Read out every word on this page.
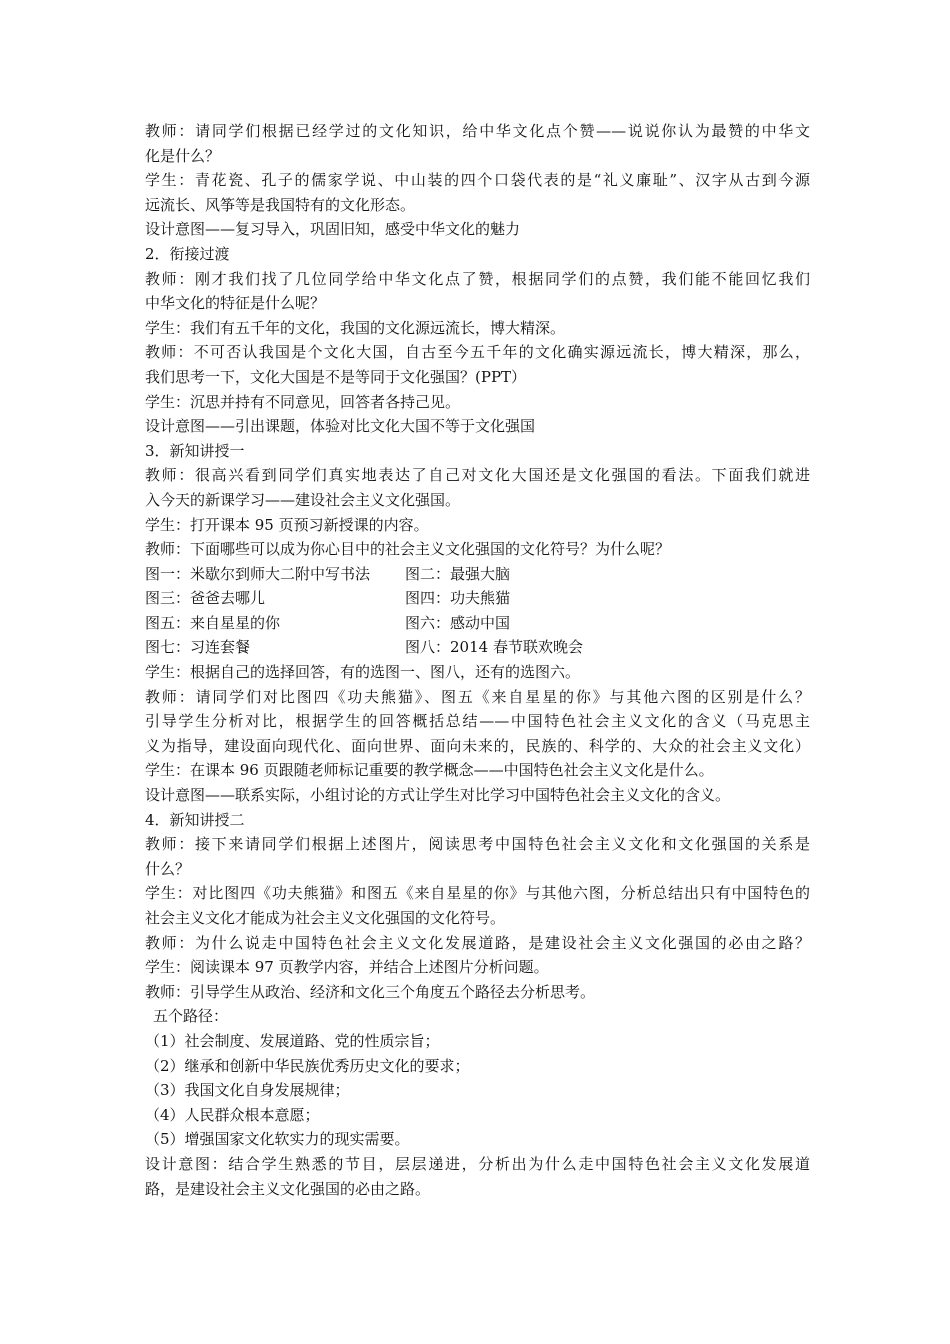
教师：请同学们根据已经学过的文化知识，给中华文化点个赞——说说你认为最赞的中华文
化是什么？
学生：青花瓷、孔子的儒家学说、中山装的四个口袋代表的是“礼义廉耻”、汉字从古到今源
远流长、风筝等是我国特有的文化形态。
设计意图——复习导入，巩固旧知，感受中华文化的魅力
2．衔接过渡
教师：刚才我们找了几位同学给中华文化点了赞，根据同学们的点赞，我们能不能回忆我们
中华文化的特征是什么呢？
学生：我们有五千年的文化，我国的文化源远流长，博大精深。
教师：不可否认我国是个文化大国，自古至今五千年的文化确实源远流长，博大精深，那么，
我们思考一下，文化大国是不是等同于文化强国？(PPT）
学生：沉思并持有不同意见，回答者各持己见。
设计意图——引出课题，体验对比文化大国不等于文化强国
3．新知讲授一
教师：很高兴看到同学们真实地表达了自己对文化大国还是文化强国的看法。下面我们就进
入今天的新课学习——建设社会主义文化强国。
学生：打开课本 95 页预习新授课的内容。
教师：下面哪些可以成为你心目中的社会主义文化强国的文化符号？为什么呢？
图一：米歇尔到师大二附中写书法 图二：最强大脑
图三：爸爸去哪儿	图四：功夫熊猫
图五：来自星星的你	图六：感动中国
图七：习连套餐	图八：2014 春节联欢晚会
学生：根据自己的选择回答，有的选图一、图八，还有的选图六。
教师：请同学们对比图四《功夫熊猫》、图五《来自星星的你》与其他六图的区别是什么？
引导学生分析对比，根据学生的回答概括总结——中国特色社会主义文化的含义（马克思主
义为指导，建设面向现代化、面向世界、面向未来的，民族的、科学的、大众的社会主义文化）
学生：在课本 96 页跟随老师标记重要的教学概念——中国特色社会主义文化是什么。
设计意图——联系实际，小组讨论的方式让学生对比学习中国特色社会主义文化的含义。
4．新知讲授二
教师：接下来请同学们根据上述图片，阅读思考中国特色社会主义文化和文化强国的关系是
什么？
学生：对比图四《功夫熊猫》和图五《来自星星的你》与其他六图，分析总结出只有中国特色的
社会主义文化才能成为社会主义文化强国的文化符号。
教师：为什么说走中国特色社会主义文化发展道路，是建设社会主义文化强国的必由之路？
学生：阅读课本 97 页教学内容，并结合上述图片分析问题。
教师：引导学生从政治、经济和文化三个角度五个路径去分析思考。
五个路径：
（1）社会制度、发展道路、党的性质宗旨；
（2）继承和创新中华民族优秀历史文化的要求；
（3）我国文化自身发展规律；
（4）人民群众根本意愿；
（5）增强国家文化软实力的现实需要。
设计意图：结合学生熟悉的节目，层层递进，分析出为什么走中国特色社会主义文化发展道
路，是建设社会主义文化强国的必由之路。
